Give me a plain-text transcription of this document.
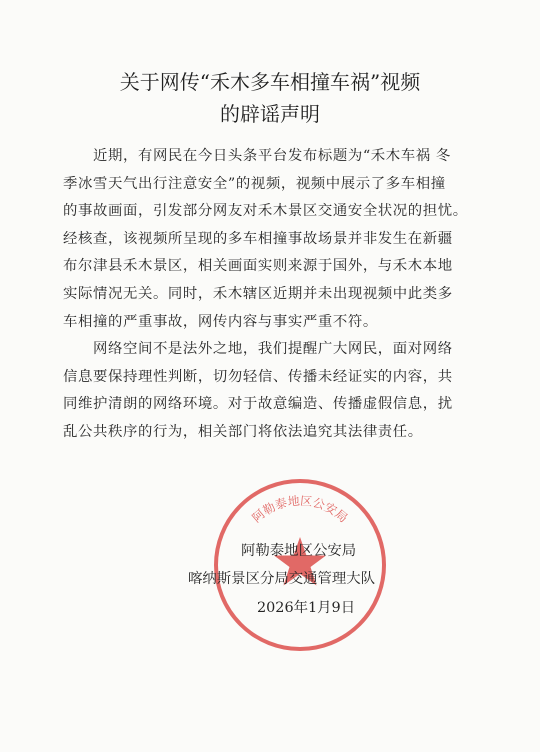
关于网传“禾木多车相撞车祸”视频
的辟谣声明

　　近期，有网民在今日头条平台发布标题为“禾木车祸 冬
季冰雪天气出行注意安全”的视频，视频中展示了多车相撞
的事故画面，引发部分网友对禾木景区交通安全状况的担忧。
经核查，该视频所呈现的多车相撞事故场景并非发生在新疆
布尔津县禾木景区，相关画面实则来源于国外，与禾木本地
实际情况无关。同时，禾木辖区近期并未出现视频中此类多
车相撞的严重事故，网传内容与事实严重不符。

　　网络空间不是法外之地，我们提醒广大网民，面对网络
信息要保持理性判断，切勿轻信、传播未经证实的内容，共
同维护清朗的网络环境。对于故意编造、传播虚假信息，扰
乱公共秩序的行为，相关部门将依法追究其法律责任。

阿勒泰地区公安局
阿勒泰地区公安局
喀纳斯景区分局交通管理大队
2026年1月9日
